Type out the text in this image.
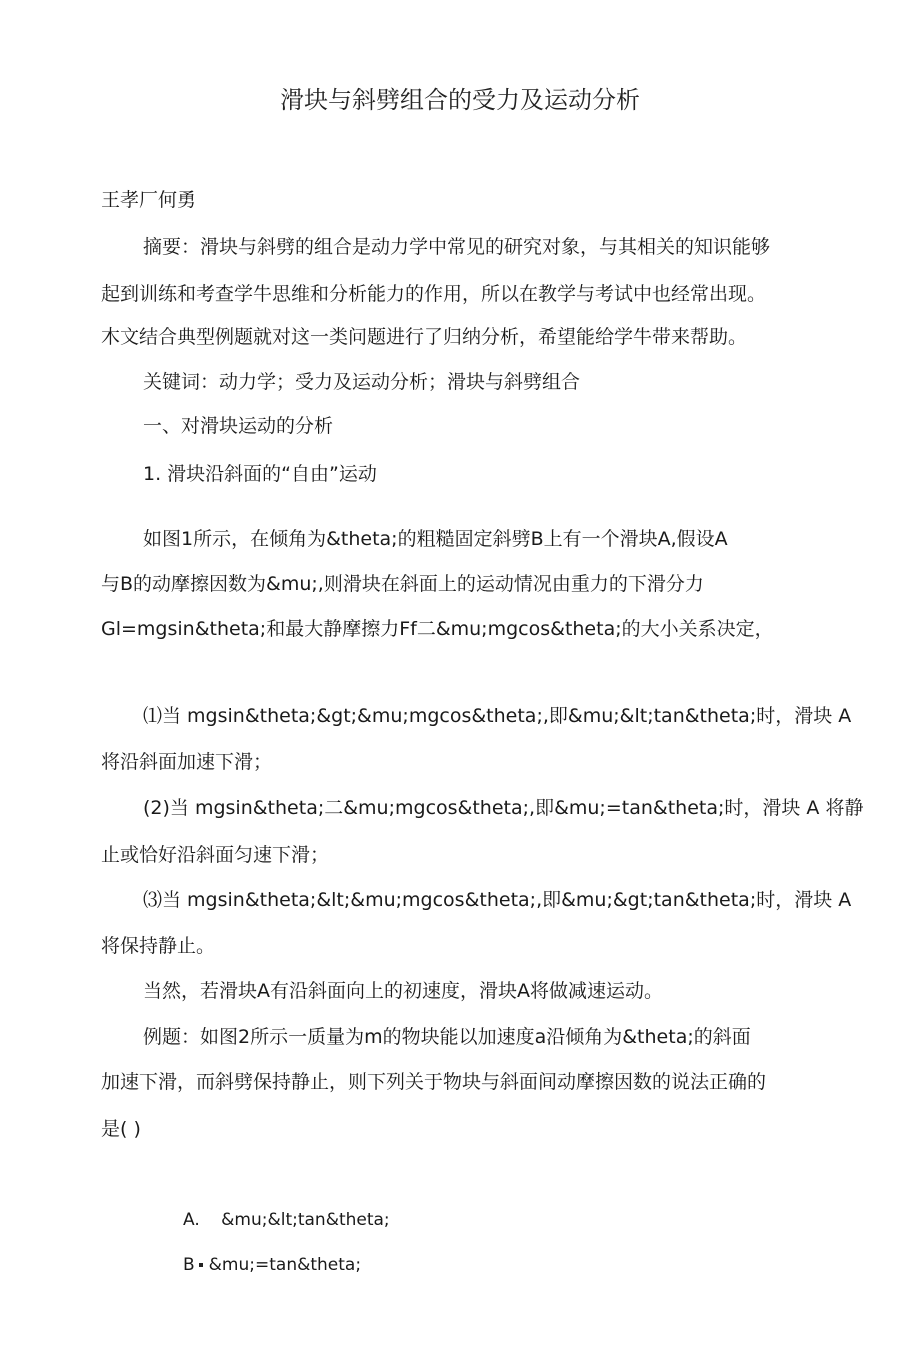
滑块与斜劈组合的受力及运动分析
王孝厂何勇
摘要：滑块与斜劈的组合是动力学中常见的研究对象，与其相关的知识能够
起到训练和考查学牛思维和分析能力的作用，所以在教学与考试中也经常出现。
木文结合典型例题就对这一类问题进行了归纳分析，希望能给学牛带来帮助。
关键词：动力学；受力及运动分析；滑块与斜劈组合
一、对滑块运动的分析
1. 滑块沿斜面的“自由”运动
如图1所示，在倾角为&theta;的粗糙固定斜劈B上有一个滑块A,假设A
与B的动摩擦因数为&mu;,则滑块在斜面上的运动情况由重力的下滑分力
Gl=mgsin&theta;和最大静摩擦力Ff二&mu;mgcos&theta;的大小关系决定，
⑴当 mgsin&theta;&gt;&mu;mgcos&theta;,即&mu;&lt;tan&theta;时，滑块 A
将沿斜面加速下滑；
(2)当 mgsin&theta;二&mu;mgcos&theta;,即&mu;=tan&theta;时，滑块 A 将静
止或恰好沿斜面匀速下滑；
⑶当 mgsin&theta;&lt;&mu;mgcos&theta;,即&mu;&gt;tan&theta;时，滑块 A
将保持静止。
当然，若滑块A有沿斜面向上的初速度，滑块A将做减速运动。
例题：如图2所示一质量为m的物块能以加速度a沿倾角为&theta;的斜面
加速下滑，而斜劈保持静止，则下列关于物块与斜面间动摩擦因数的说法正确的
是( )
A. &mu;&lt;tan&theta;
B &mu;=tan&theta;
